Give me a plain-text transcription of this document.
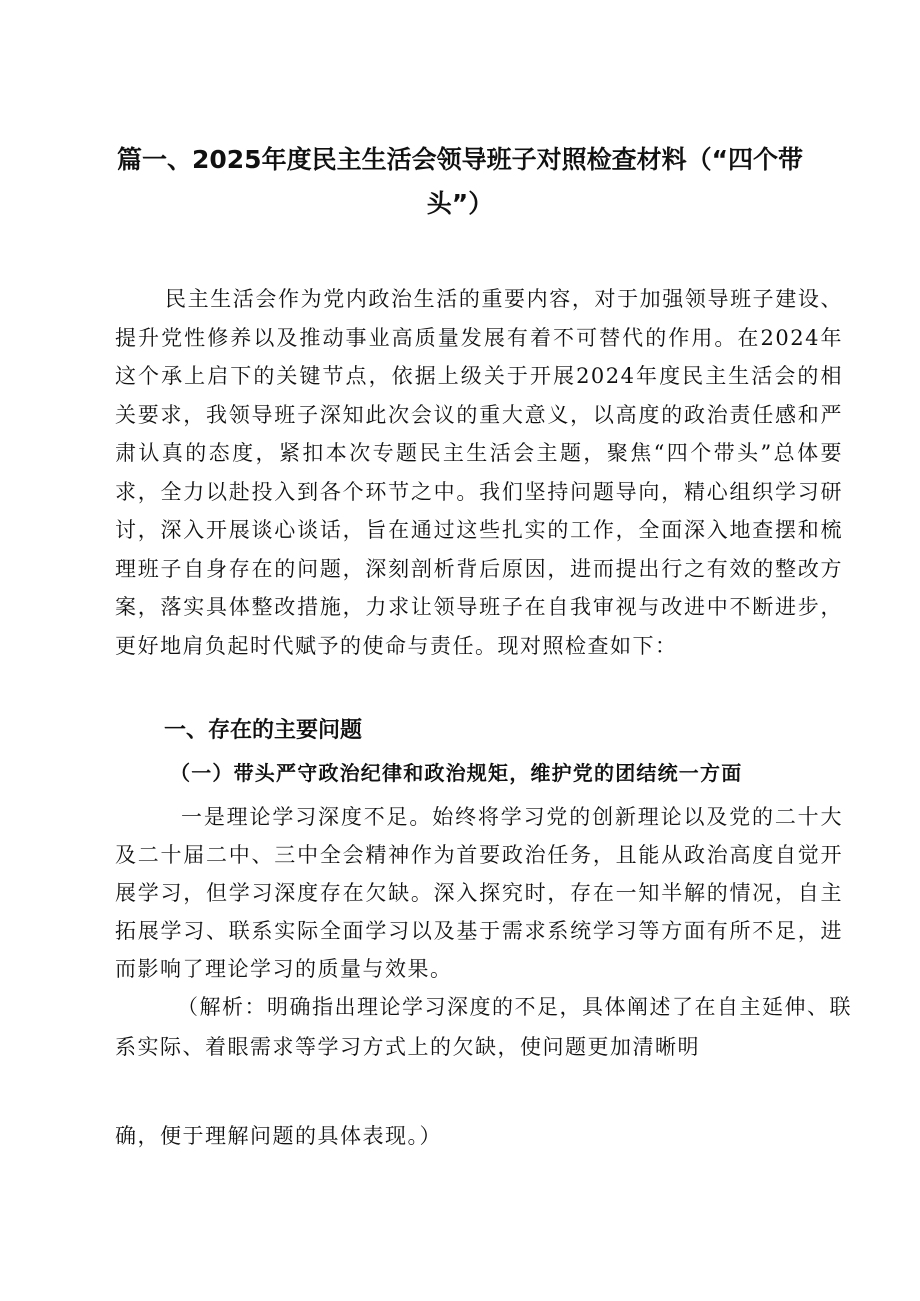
篇一、2025年度民主生活会领导班子对照检查材料（“四个带头”）

民主生活会作为党内政治生活的重要内容，对于加强领导班子建设、提升党性修养以及推动事业高质量发展有着不可替代的作用。在2024年这个承上启下的关键节点，依据上级关于开展2024年度民主生活会的相关要求，我领导班子深知此次会议的重大意义，以高度的政治责任感和严肃认真的态度，紧扣本次专题民主生活会主题，聚焦“四个带头”总体要求，全力以赴投入到各个环节之中。我们坚持问题导向，精心组织学习研讨，深入开展谈心谈话，旨在通过这些扎实的工作，全面深入地查摆和梳理班子自身存在的问题，深刻剖析背后原因，进而提出行之有效的整改方案，落实具体整改措施，力求让领导班子在自我审视与改进中不断进步，更好地肩负起时代赋予的使命与责任。现对照检查如下：

一、存在的主要问题
（一）带头严守政治纪律和政治规矩，维护党的团结统一方面

一是理论学习深度不足。始终将学习党的创新理论以及党的二十大及二十届二中、三中全会精神作为首要政治任务，且能从政治高度自觉开展学习，但学习深度存在欠缺。深入探究时，存在一知半解的情况，自主拓展学习、联系实际全面学习以及基于需求系统学习等方面有所不足，进而影响了理论学习的质量与效果。

（解析：明确指出理论学习深度的不足，具体阐述了在自主延伸、联系实际、着眼需求等学习方式上的欠缺，使问题更加清晰明

确，便于理解问题的具体表现。）
